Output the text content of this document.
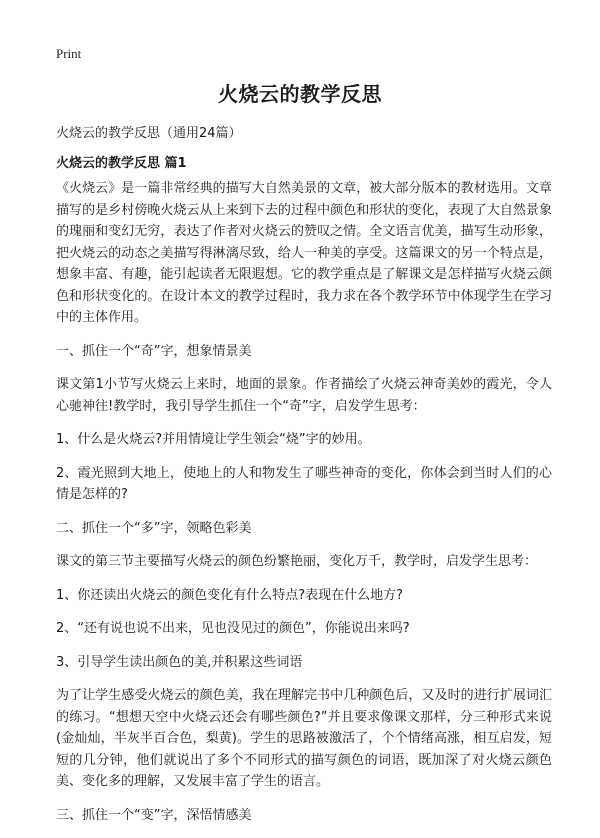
Print
火烧云的教学反思
火烧云的教学反思（通用24篇）
火烧云的教学反思 篇1

《火烧云》是一篇非常经典的描写大自然美景的文章，被大部分版本的教材选用。文章描写的是乡村傍晚火烧云从上来到下去的过程中颜色和形状的变化，表现了大自然景象的瑰丽和变幻无穷，表达了作者对火烧云的赞叹之情。全文语言优美，描写生动形象，把火烧云的动态之美描写得淋漓尽致，给人一种美的享受。这篇课文的另一个特点是，想象丰富、有趣，能引起读者无限遐想。它的教学重点是了解课文是怎样描写火烧云颜色和形状变化的。在设计本文的教学过程时，我力求在各个教学环节中体现学生在学习中的主体作用。

一、抓住一个“奇”字，想象情景美

课文第1小节写火烧云上来时，地面的景象。作者描绘了火烧云神奇美妙的霞光，令人心驰神往!教学时，我引导学生抓住一个“奇”字，启发学生思考：

1、什么是火烧云?并用情境让学生领会“烧”字的妙用。

2、霞光照到大地上，使地上的人和物发生了哪些神奇的变化，你体会到当时人们的心情是怎样的?

二、抓住一个“多”字，领略色彩美

课文的第三节主要描写火烧云的颜色纷繁艳丽，变化万千，教学时，启发学生思考：

1、你还读出火烧云的颜色变化有什么特点?表现在什么地方?

2、“还有说也说不出来，见也没见过的颜色”，你能说出来吗?

3、引导学生读出颜色的美,并积累这些词语

为了让学生感受火烧云的颜色美，我在理解完书中几种颜色后，又及时的进行扩展词汇的练习。“想想天空中火烧云还会有哪些颜色?”并且要求像课文那样，分三种形式来说(金灿灿，半灰半百合色，梨黄)。学生的思路被激活了，个个情绪高涨，相互启发，短短的几分钟，他们就说出了多个不同形式的描写颜色的词语，既加深了对火烧云颜色美、变化多的理解，又发展丰富了学生的语言。

三、抓住一个“变”字，深悟情感美
